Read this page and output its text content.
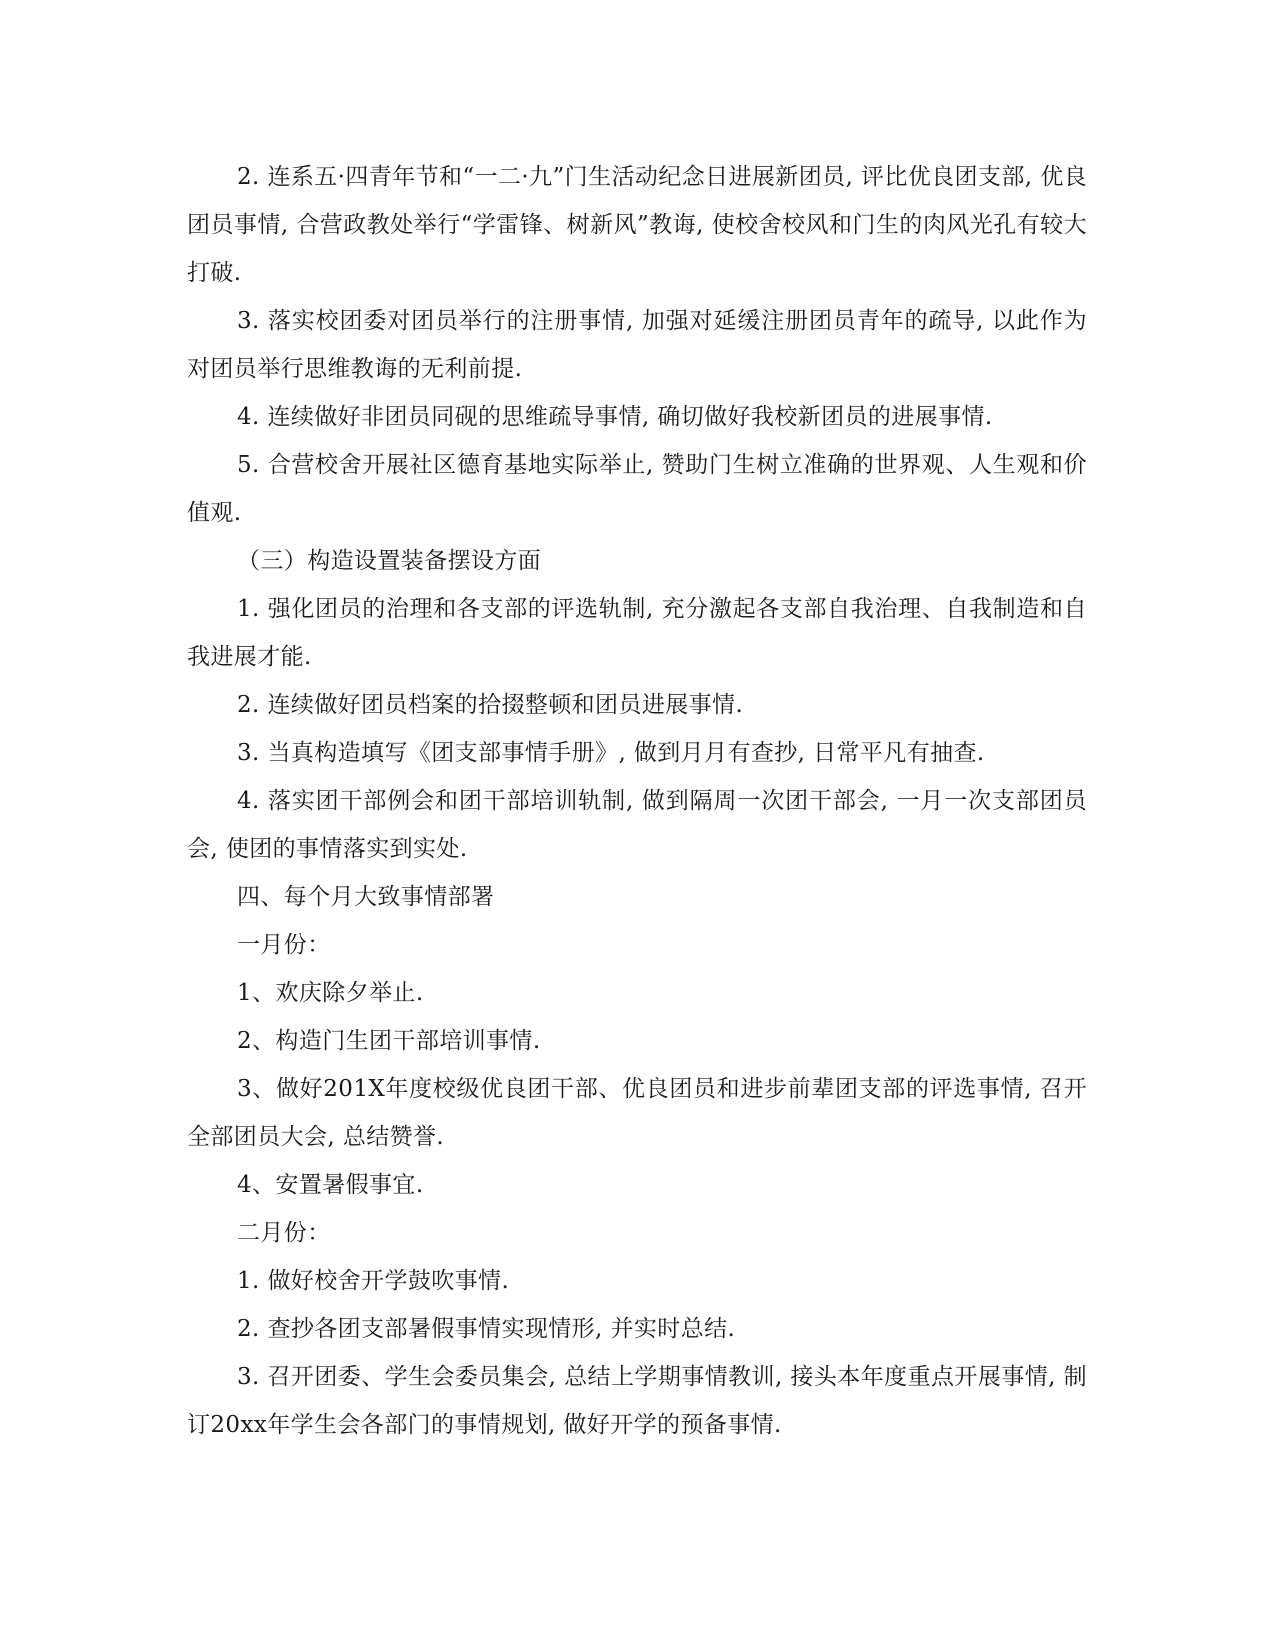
2. 连系五·四青年节和“一二·九”门生活动纪念日进展新团员, 评比优良团支部, 优良团员事情, 合营政教处举行“学雷锋、树新风”教诲, 使校舍校风和门生的肉风光孔有较大打破.

3. 落实校团委对团员举行的注册事情, 加强对延缓注册团员青年的疏导, 以此作为对团员举行思维教诲的无利前提.

4. 连续做好非团员同砚的思维疏导事情, 确切做好我校新团员的进展事情.

5. 合营校舍开展社区德育基地实际举止, 赞助门生树立准确的世界观、人生观和价值观.

（三）构造设置装备摆设方面

1. 强化团员的治理和各支部的评选轨制, 充分激起各支部自我治理、自我制造和自我进展才能.

2. 连续做好团员档案的拾掇整顿和团员进展事情.

3. 当真构造填写《团支部事情手册》, 做到月月有查抄, 日常平凡有抽查.

4. 落实团干部例会和团干部培训轨制, 做到隔周一次团干部会, 一月一次支部团员会, 使团的事情落实到实处.

四、每个月大致事情部署

一月份：

1、欢庆除夕举止.

2、构造门生团干部培训事情.

3、做好201X年度校级优良团干部、优良团员和进步前辈团支部的评选事情, 召开全部团员大会, 总结赞誉.

4、安置暑假事宜.

二月份：

1. 做好校舍开学鼓吹事情.

2. 查抄各团支部暑假事情实现情形, 并实时总结.

3. 召开团委、学生会委员集会, 总结上学期事情教训, 接头本年度重点开展事情, 制订20xx年学生会各部门的事情规划, 做好开学的预备事情.
